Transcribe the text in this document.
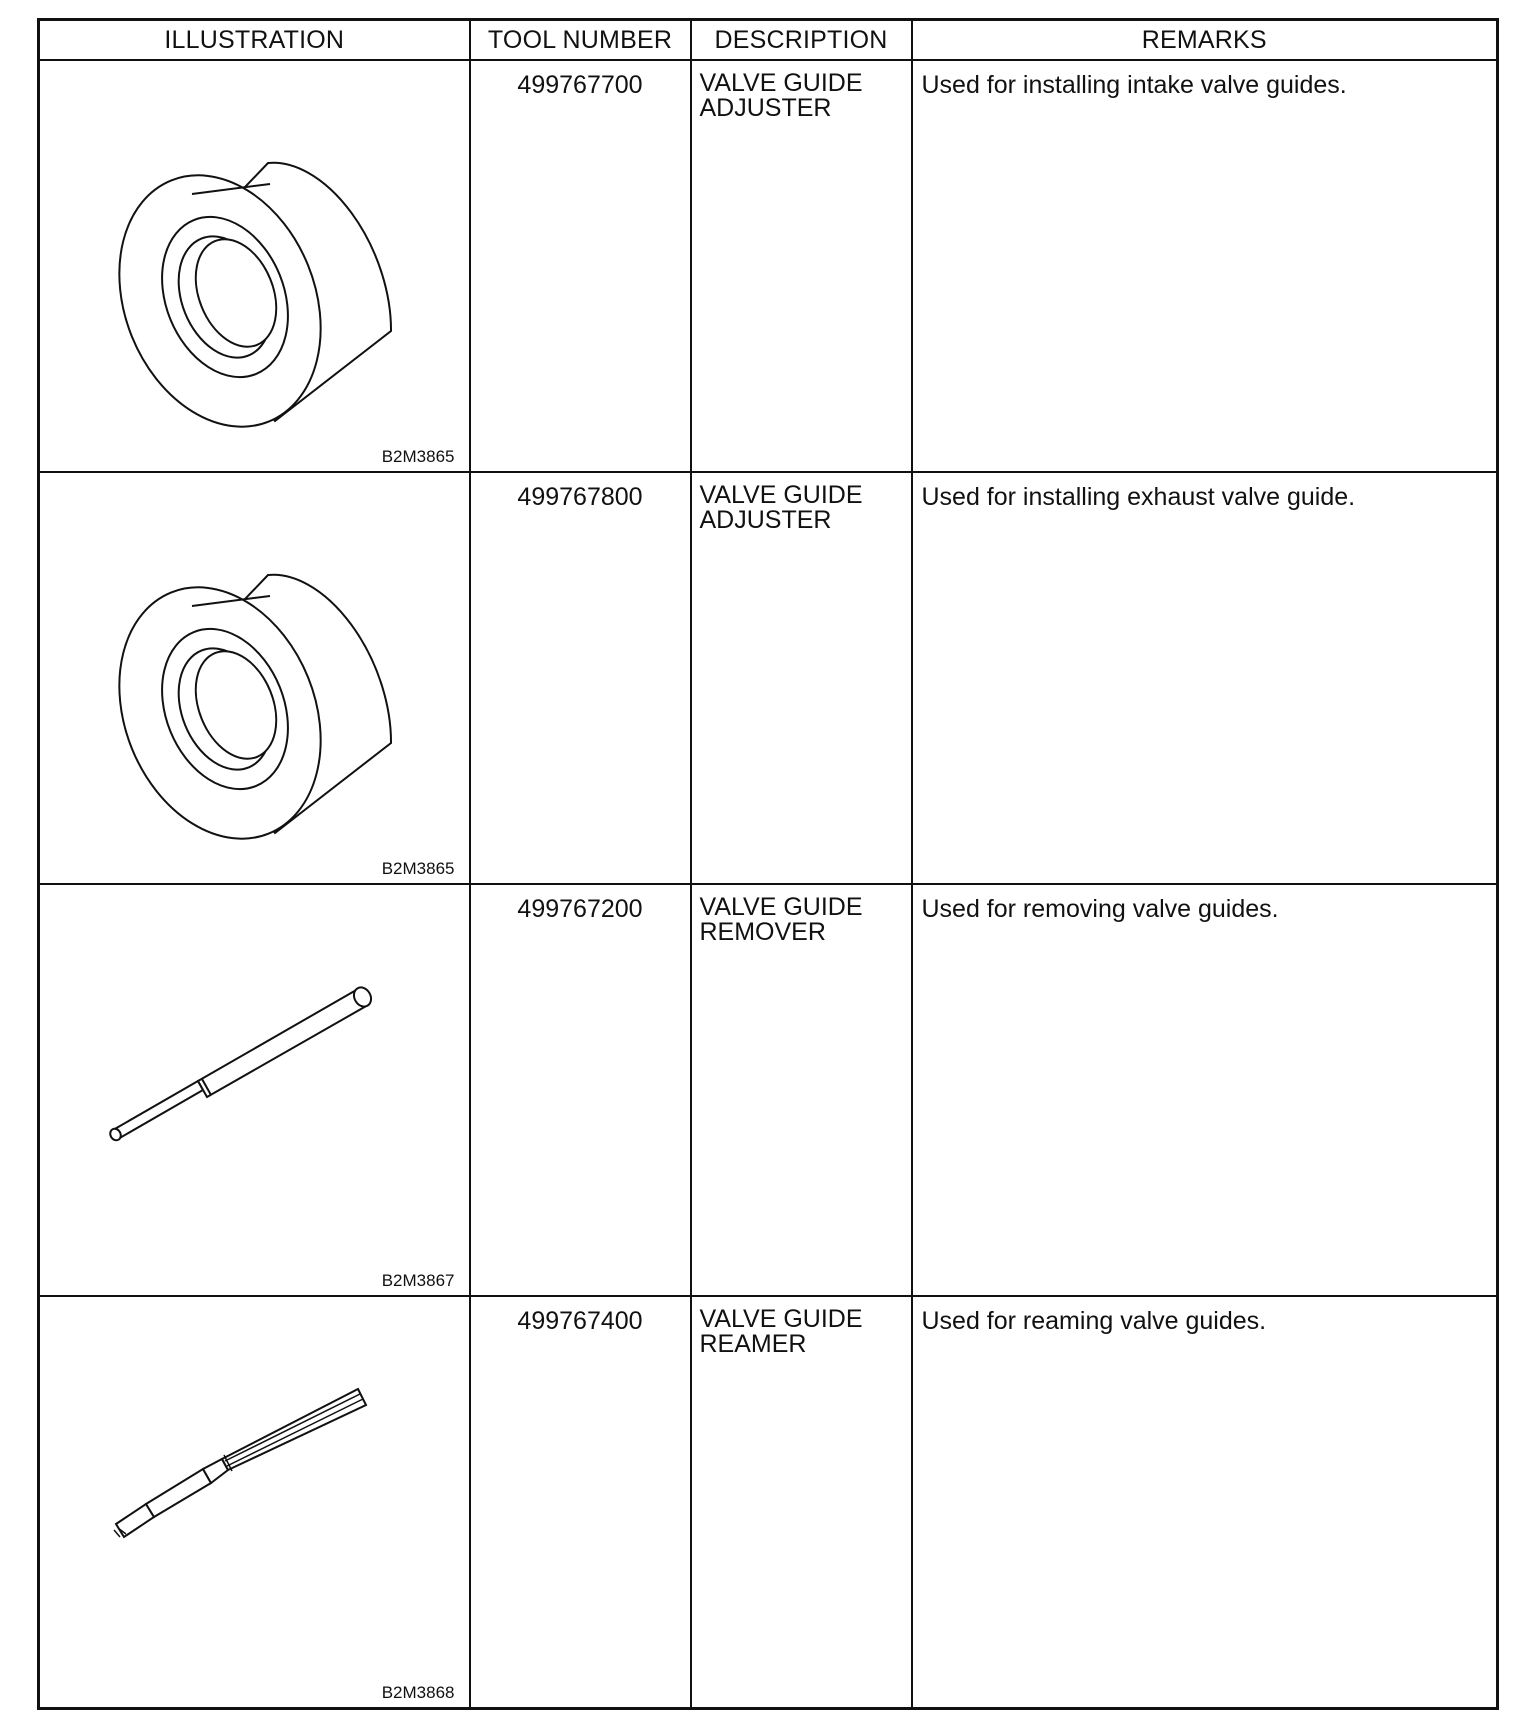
ILLUSTRATION	TOOL NUMBER	DESCRIPTION	REMARKS

B2M3865	499767700	VALVE GUIDE
ADJUSTER	Used for installing intake valve guides.

B2M3865	499767800	VALVE GUIDE
ADJUSTER	Used for installing exhaust valve guide.

B2M3867	499767200	VALVE GUIDE
REMOVER	Used for removing valve guides.

B2M3868	499767400	VALVE GUIDE
REAMER	Used for reaming valve guides.
